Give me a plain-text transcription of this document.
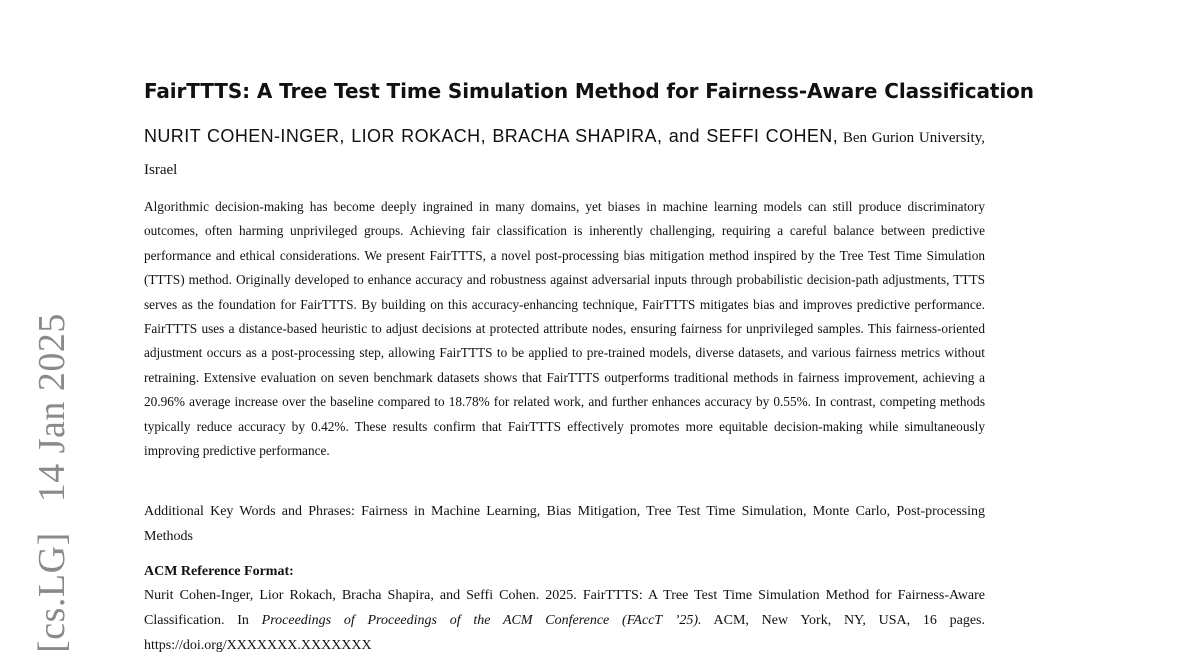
[cs.LG] 14 Jan 2025
FairTTTS: A Tree Test Time Simulation Method for Fairness-Aware Classification
NURIT COHEN-INGER, LIOR ROKACH, BRACHA SHAPIRA, and SEFFI COHEN, Ben Gurion University, Israel

Algorithmic decision-making has become deeply ingrained in many domains, yet biases in machine learning models can still produce discriminatory outcomes, often harming unprivileged groups. Achieving fair classification is inherently challenging, requiring a careful balance between predictive performance and ethical considerations. We present FairTTTS, a novel post-processing bias mitigation method inspired by the Tree Test Time Simulation (TTTS) method. Originally developed to enhance accuracy and robustness against adversarial inputs through probabilistic decision-path adjustments, TTTS serves as the foundation for FairTTTS. By building on this accuracy-enhancing technique, FairTTTS mitigates bias and improves predictive performance. FairTTTS uses a distance-based heuristic to adjust decisions at protected attribute nodes, ensuring fairness for unprivileged samples. This fairness-oriented adjustment occurs as a post-processing step, allowing FairTTTS to be applied to pre-trained models, diverse datasets, and various fairness metrics without retraining. Extensive evaluation on seven benchmark datasets shows that FairTTTS outperforms traditional methods in fairness improvement, achieving a 20.96% average increase over the baseline compared to 18.78% for related work, and further enhances accuracy by 0.55%. In contrast, competing methods typically reduce accuracy by 0.42%. These results confirm that FairTTTS effectively promotes more equitable decision-making while simultaneously improving predictive performance.

Additional Key Words and Phrases: Fairness in Machine Learning, Bias Mitigation, Tree Test Time Simulation, Monte Carlo, Post-processing Methods

ACM Reference Format:

Nurit Cohen-Inger, Lior Rokach, Bracha Shapira, and Seffi Cohen. 2025. FairTTTS: A Tree Test Time Simulation Method for Fairness-Aware Classification. In Proceedings of Proceedings of the ACM Conference (FAccT ’25). ACM, New York, NY, USA, 16 pages. https://doi.org/XXXXXXX.XXXXXXX
